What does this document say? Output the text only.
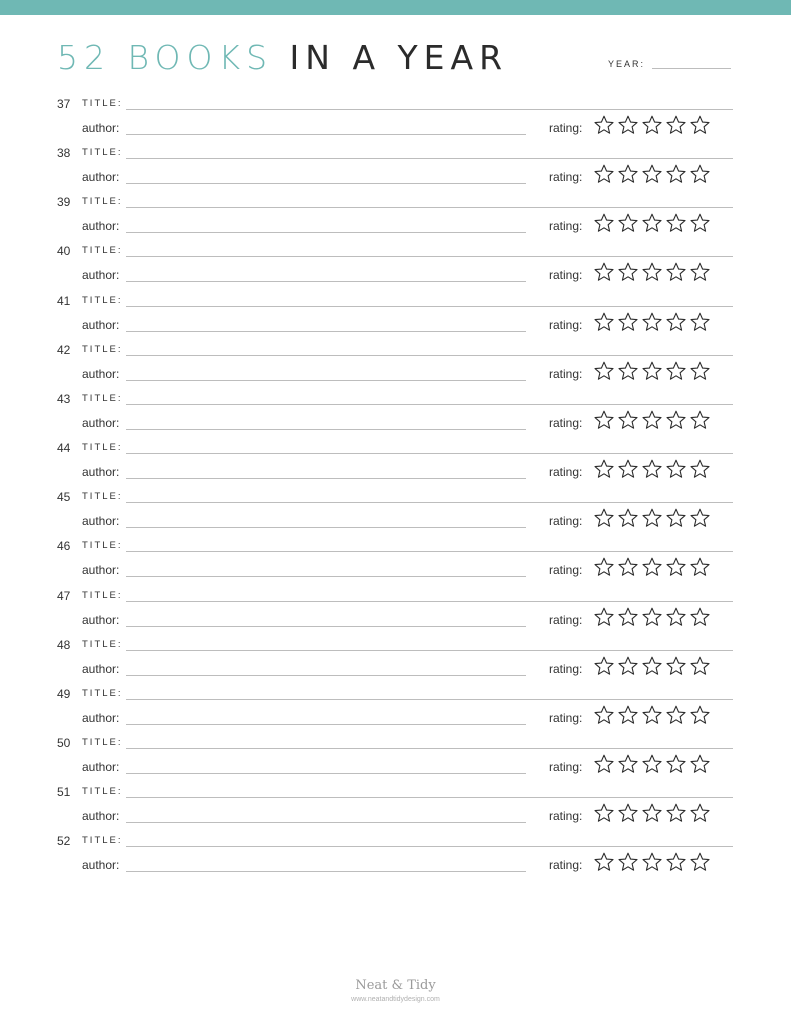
52 BOOKS IN A YEAR	YEAR:
37 TITLE:
author:	rating:
38 TITLE:
author:	rating:
39 TITLE:
author:	rating:
40 TITLE:
author:	rating:
41 TITLE:
author:	rating:
42 TITLE:
author:	rating:
43 TITLE:
author:	rating:
44 TITLE:
author:	rating:
45 TITLE:
author:	rating:
46 TITLE:
author:	rating:
47 TITLE:
author:	rating:
48 TITLE:
author:	rating:
49 TITLE:
author:	rating:
50 TITLE:
author:	rating:
51 TITLE:
author:	rating:
52 TITLE:
author:	rating:
Neat & Tidy
www.neatandtidydesign.com
